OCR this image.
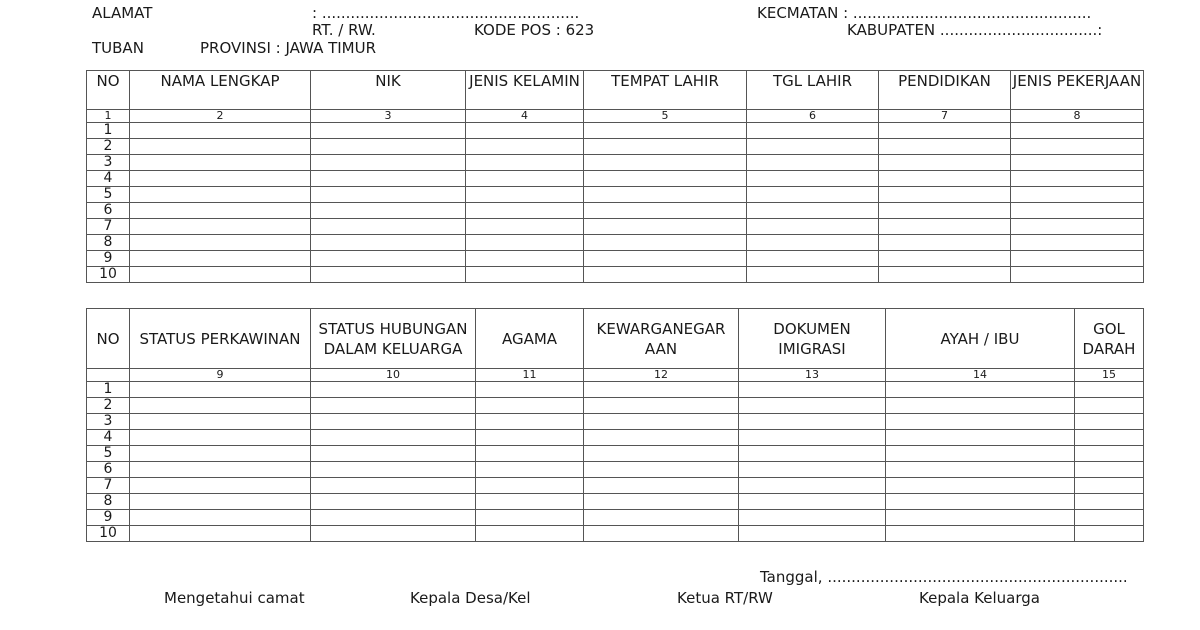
ALAMAT	: ......................................................	KECMATAN : ..................................................
RT. / RW.	KODE POS : 623	KABUPATEN .................................:
TUBAN	PROVINSI : JAWA TIMUR
NO	NAMA LENGKAP	NIK	JENIS KELAMIN	TEMPAT LAHIR	TGL LAHIR	PENDIDIKAN	JENIS PEKERJAAN
1	2	3	4	5	6	7	8
1							
2							
3							
4							
5							
6							
7							
8							
9							
10							
NO	STATUS PERKAWINAN	STATUS HUBUNGAN DALAM KELUARGA	AGAMA	KEWARGANEGAR AAN	DOKUMEN IMIGRASI	AYAH / IBU	GOL DARAH
	9	10	11	12	13	14	15
1							
2							
3							
4							
5							
6							
7							
8							
9							
10							
Tanggal, ...............................................................
Mengetahui camat	Kepala Desa/Kel	Ketua RT/RW	Kepala Keluarga
